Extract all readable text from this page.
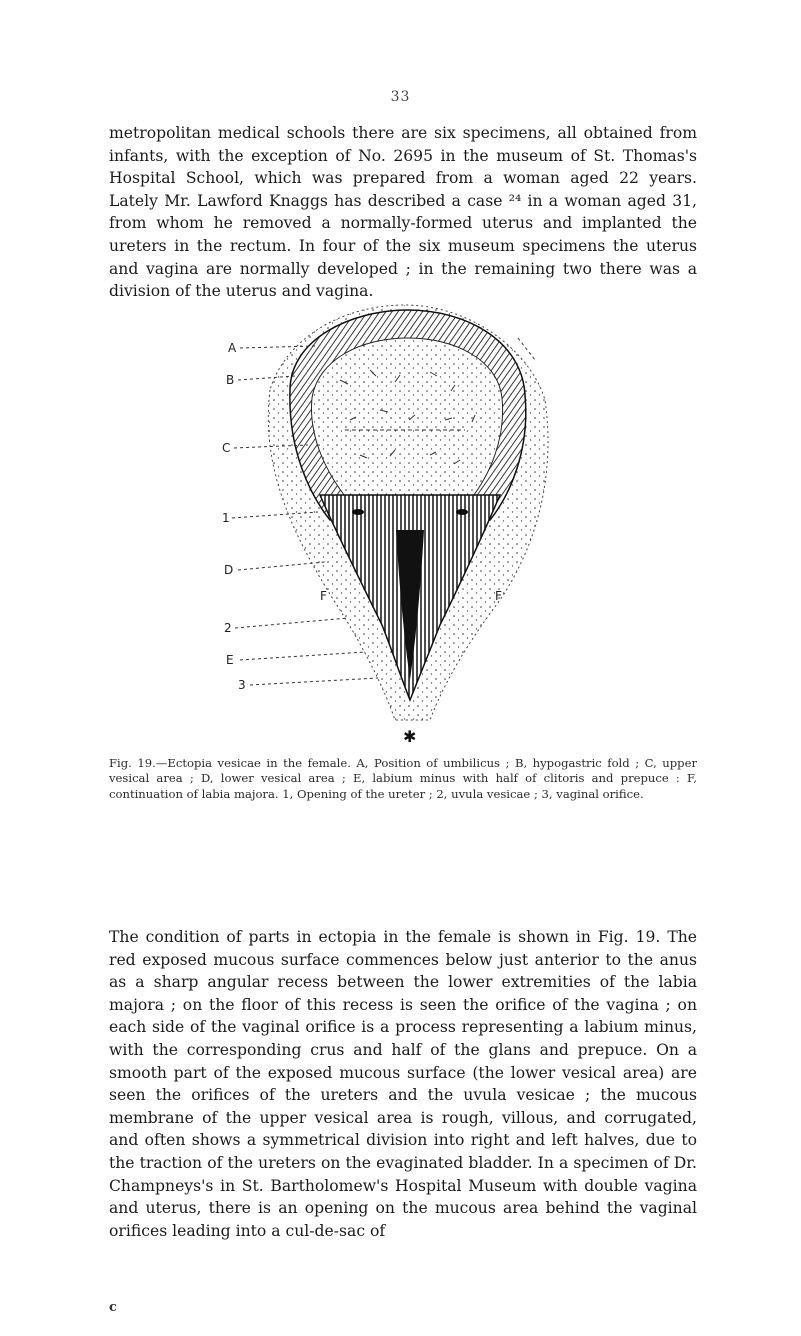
33

metropolitan medical schools there are six specimens, all obtained from infants, with the exception of No. 2695 in the museum of St. Thomas's Hospital School, which was prepared from a woman aged 22 years. Lately Mr. Lawford Knaggs has described a case ²⁴ in a woman aged 31, from whom he removed a normally-formed uterus and implanted the ureters in the rectum. In four of the six museum specimens the uterus and vagina are normally developed ; in the remaining two there was a division of the uterus and vagina.

A
B
C
1
D
F	F
2
E
3
✱

Fig. 19.—Ectopia vesicae in the female. A, Position of umbilicus ; B, hypogastric fold ; C, upper vesical area ; D, lower vesical area ; E, labium minus with half of clitoris and prepuce : F, continuation of labia majora. 1, Opening of the ureter ; 2, uvula vesicae ; 3, vaginal orifice.

The condition of parts in ectopia in the female is shown in Fig. 19. The red exposed mucous surface commences below just anterior to the anus as a sharp angular recess between the lower extremities of the labia majora ; on the floor of this recess is seen the orifice of the vagina ; on each side of the vaginal orifice is a process representing a labium minus, with the corresponding crus and half of the glans and prepuce. On a smooth part of the exposed mucous surface (the lower vesical area) are seen the orifices of the ureters and the uvula vesicae ; the mucous membrane of the upper vesical area is rough, villous, and corrugated, and often shows a symmetrical division into right and left halves, due to the traction of the ureters on the evaginated bladder. In a specimen of Dr. Champneys's in St. Bartholomew's Hospital Museum with double vagina and uterus, there is an opening on the mucous area behind the vaginal orifices leading into a cul-de-sac of

c
